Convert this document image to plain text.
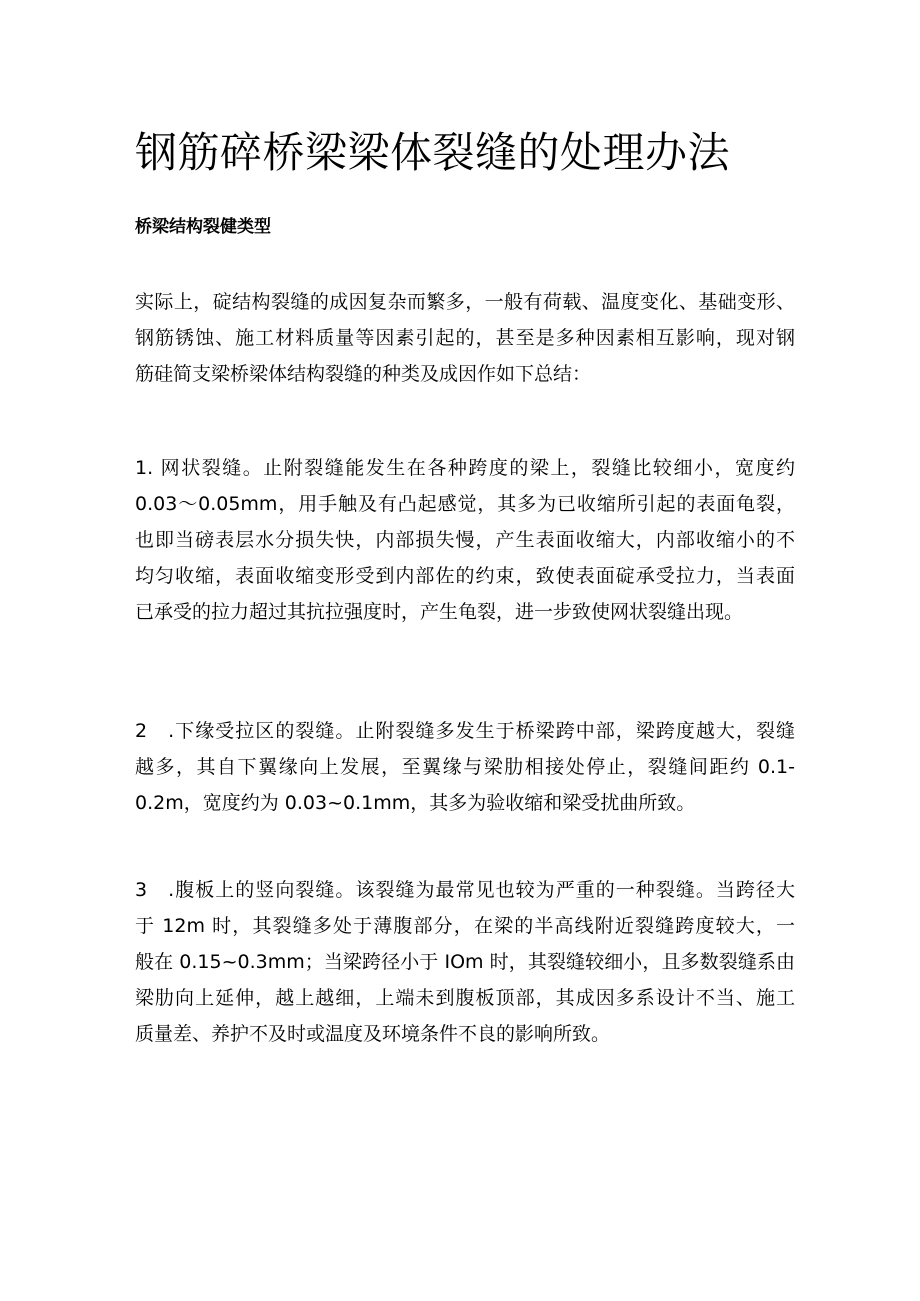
钢筋碎桥梁梁体裂缝的处理办法
桥梁结构裂健类型
实际上，碇结构裂缝的成因复杂而繁多，一般有荷载、温度变化、基础变形、
钢筋锈蚀、施工材料质量等因素引起的，甚至是多种因素相互影响，现对钢
筋硅简支梁桥梁体结构裂缝的种类及成因作如下总结：
1. 网状裂缝。止附裂缝能发生在各种跨度的梁上，裂缝比较细小，宽度约
0.03～0.05mm，用手触及有凸起感觉，其多为已收缩所引起的表面龟裂，
也即当磅表层水分损失快，内部损失慢，产生表面收缩大，内部收缩小的不
均匀收缩，表面收缩变形受到内部佐的约束，致使表面碇承受拉力，当表面
已承受的拉力超过其抗拉强度时，产生龟裂，进一步致使网状裂缝出现。
2　.下缘受拉区的裂缝。止附裂缝多发生于桥梁跨中部，梁跨度越大，裂缝
越多，其自下翼缘向上发展，至翼缘与梁肋相接处停止，裂缝间距约 0.1-
0.2m，宽度约为 0.03~0.1mm，其多为验收缩和梁受扰曲所致。
3　.腹板上的竖向裂缝。该裂缝为最常见也较为严重的一种裂缝。当跨径大
于 12m 时，其裂缝多处于薄腹部分，在梁的半高线附近裂缝跨度较大，一
般在 0.15~0.3mm；当梁跨径小于 IOm 时，其裂缝较细小，且多数裂缝系由
梁肋向上延伸，越上越细，上端未到腹板顶部，其成因多系设计不当、施工
质量差、养护不及时或温度及环境条件不良的影响所致。
